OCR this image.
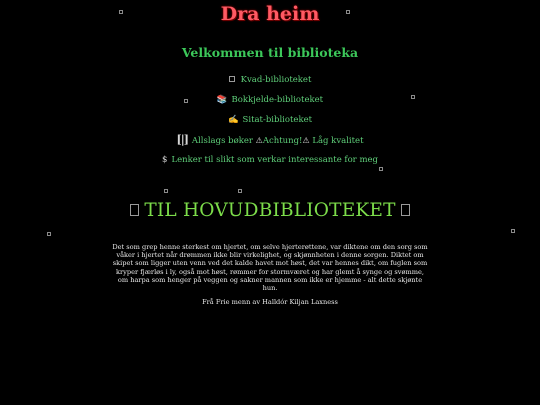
Dra heim
Velkommen til biblioteka
Kvad-biblioteket
📚 Bokkjelde-biblioteket
✍ Sitat-biblioteket
[|] Allslags bøker ⚠Achtung!⚠ Låg kvalitet
$ Lenker til slikt som verkar interessante for meg
TIL HOVUDBIBLIOTEKET
Det som grep henne sterkest om hjertet, om selve hjerterøttene, var diktene om den sorg som våker i hjertet når drømmen ikke blir virkelighet, og skjønnheten i denne sorgen. Diktet om skipet som ligger uten venn ved det kalde havet mot høst, det var hennes dikt, om fuglen som kryper fjærløs i ly, også mot høst, rømmer for stormværet og har glemt å synge og svømme, om harpa som henger på veggen og sakner mannen som ikke er hjemme - alt dette skjønte hun.
Frå Frie menn av Halldór Kiljan Laxness
